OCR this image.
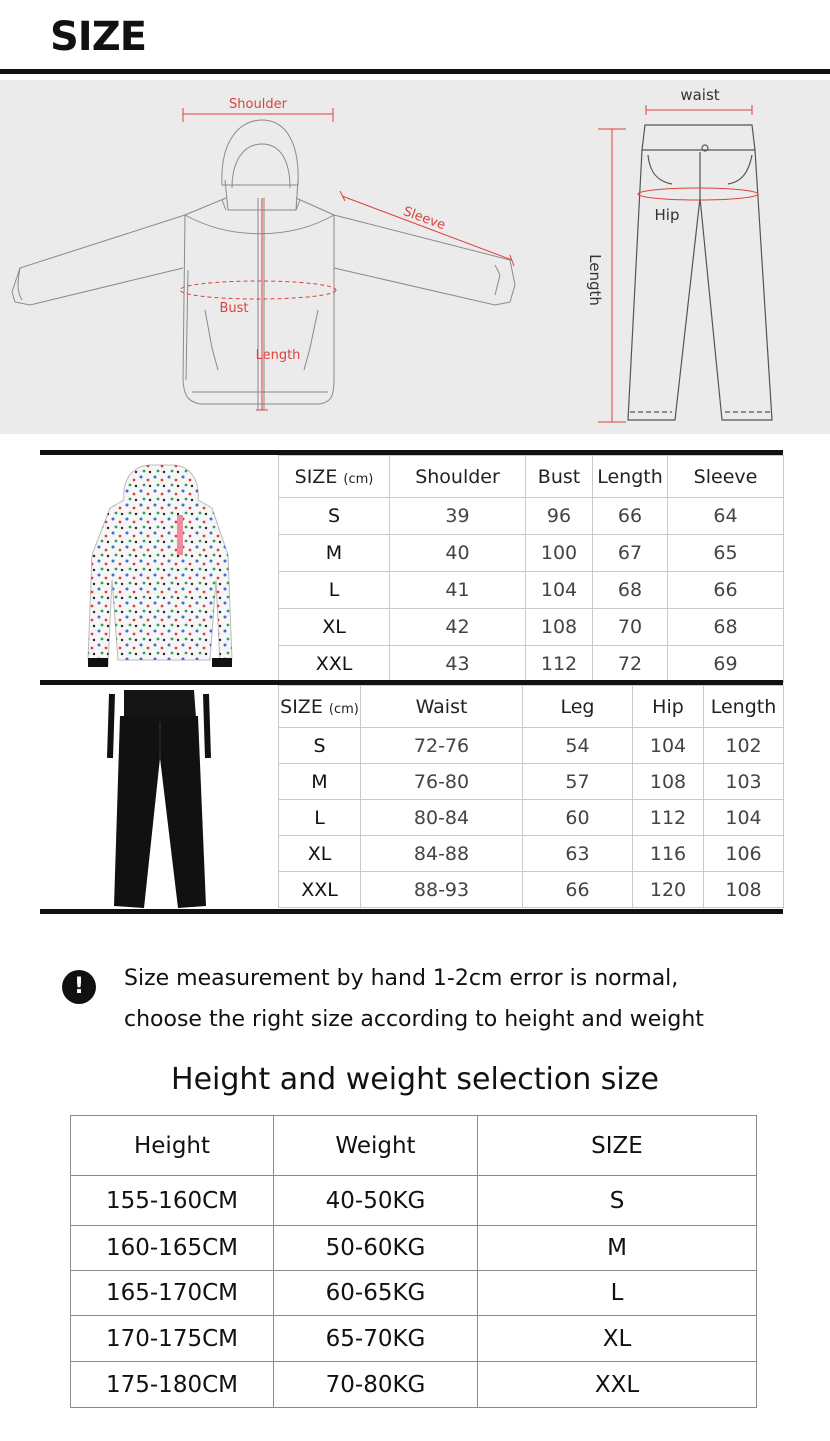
SIZE
Shoulder
Sleeve
Bust
Length
waist
Hip
Length
SIZE (cm)	Shoulder	Bust	Length	Sleeve
S	39	96	66	64
M	40	100	67	65
L	41	104	68	66
XL	42	108	70	68
XXL	43	112	72	69
SIZE (cm)	Waist	Leg	Hip	Length
S	72-76	54	104	102
M	76-80	57	108	103
L	80-84	60	112	104
XL	84-88	63	116	106
XXL	88-93	66	120	108
!	Size measurement by hand 1-2cm error is normal,
choose the right size according to height and weight
Height and weight selection size
Height	Weight	SIZE
155-160CM	40-50KG	S
160-165CM	50-60KG	M
165-170CM	60-65KG	L
170-175CM	65-70KG	XL
175-180CM	70-80KG	XXL
